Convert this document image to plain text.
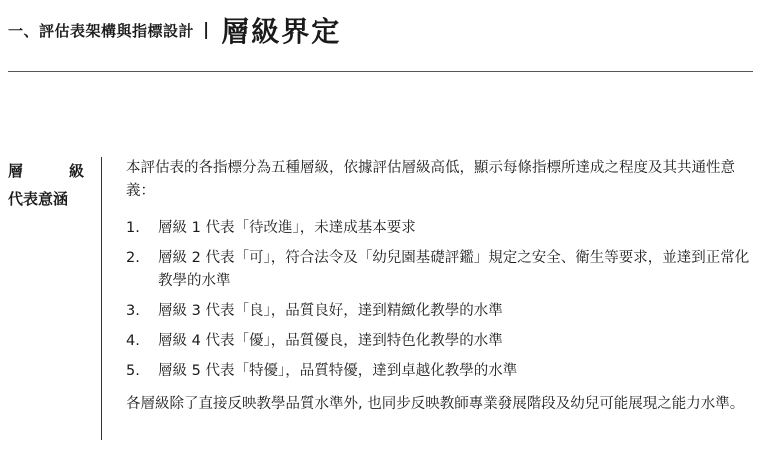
一、評估表架構與指標設計 | 層級界定
層	級
代表意涵

本評估表的各指標分為五種層級，依據評估層級高低，顯示每條指標所達成之程度及其共通性意義：

1.	層級 1 代表「待改進」，未達成基本要求
2.	層級 2 代表「可」，符合法令及「幼兒園基礎評鑑」規定之安全、衛生等要求，並達到正常化教學的水準
3.	層級 3 代表「良」，品質良好，達到精緻化教學的水準
4.	層級 4 代表「優」，品質優良，達到特色化教學的水準
5.	層級 5 代表「特優」，品質特優，達到卓越化教學的水準

各層級除了直接反映教學品質水準外, 也同步反映教師專業發展階段及幼兒可能展現之能力水準。
